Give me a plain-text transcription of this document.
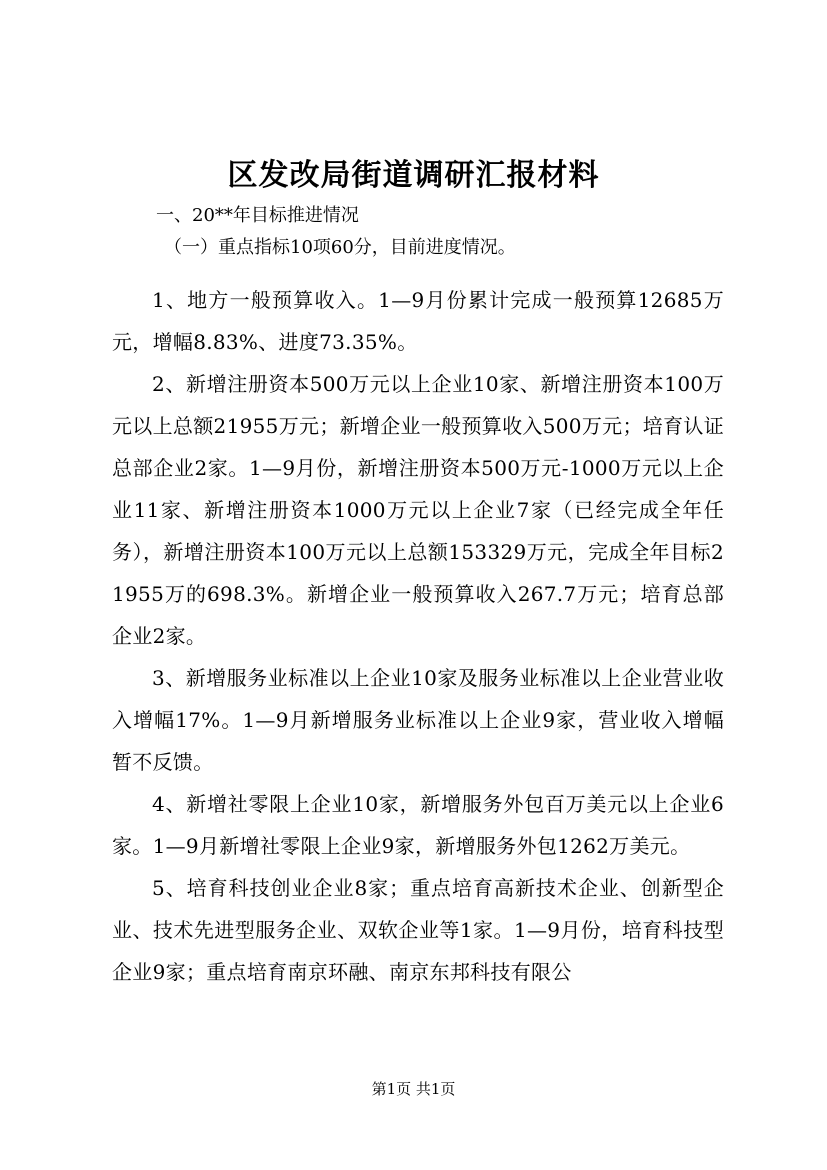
区发改局街道调研汇报材料
一、20**年目标推进情况
（一）重点指标10项60分，目前进度情况。

1、地方一般预算收入。1—9月份累计完成一般预算12685万元，增幅8.83%、进度73.35%。

2、新增注册资本500万元以上企业10家、新增注册资本100万元以上总额21955万元；新增企业一般预算收入500万元；培育认证总部企业2家。1—9月份，新增注册资本500万元-1000万元以上企业11家、新增注册资本1000万元以上企业7家（已经完成全年任务），新增注册资本100万元以上总额153329万元，完成全年目标21955万的698.3%。新增企业一般预算收入267.7万元；培育总部企业2家。

3、新增服务业标准以上企业10家及服务业标准以上企业营业收入增幅17%。1—9月新增服务业标准以上企业9家，营业收入增幅暂不反馈。

4、新增社零限上企业10家，新增服务外包百万美元以上企业6家。1—9月新增社零限上企业9家，新增服务外包1262万美元。

5、培育科技创业企业8家；重点培育高新技术企业、创新型企业、技术先进型服务企业、双软企业等1家。1—9月份，培育科技型企业9家；重点培育南京环融、南京东邦科技有限公

第1页 共1页
